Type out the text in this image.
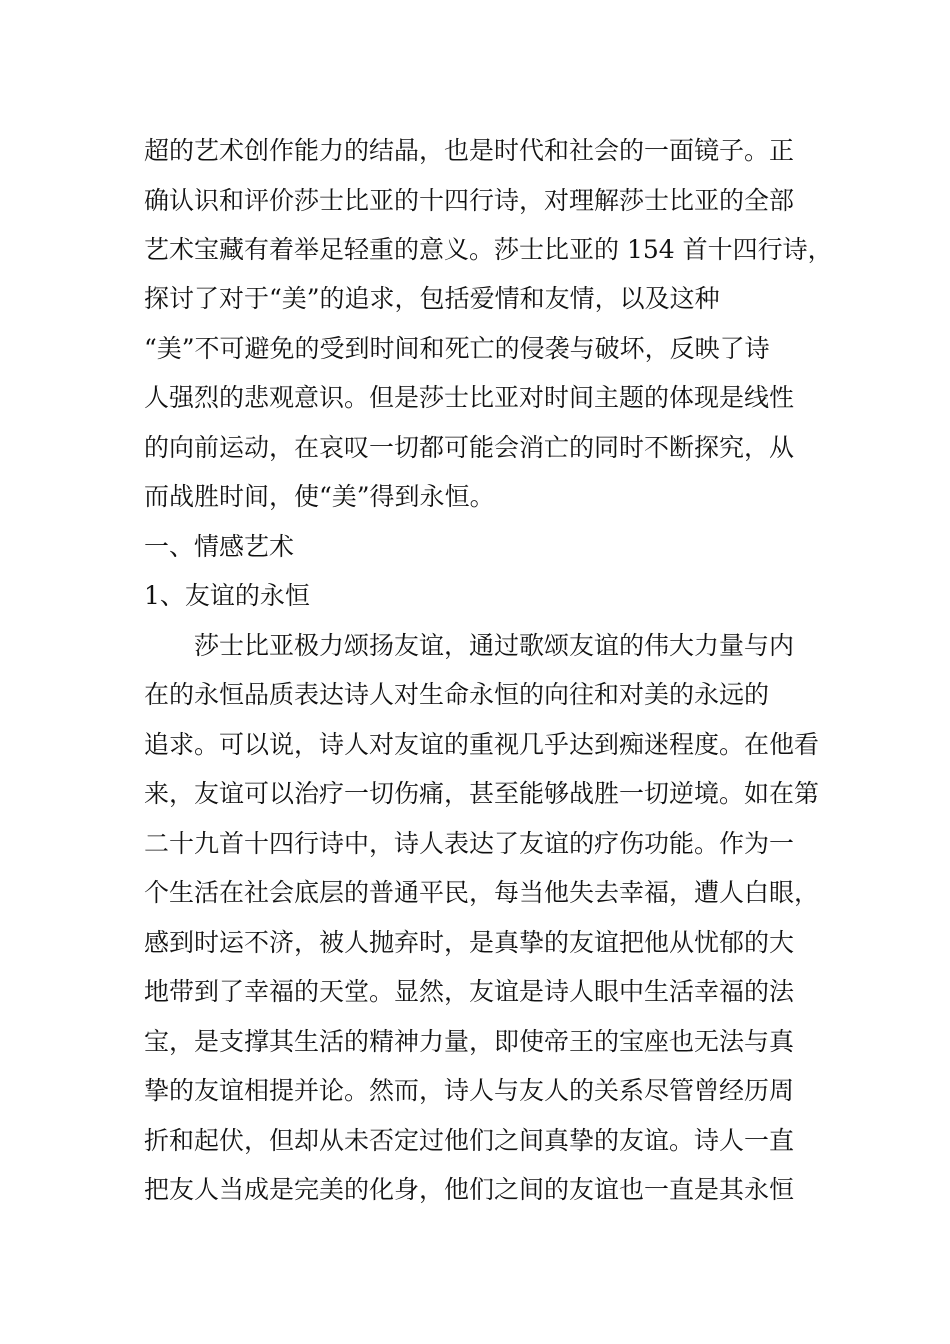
超的艺术创作能力的结晶，也是时代和社会的一面镜子。正
确认识和评价莎士比亚的十四行诗，对理解莎士比亚的全部
艺术宝藏有着举足轻重的意义。莎士比亚的 154 首十四行诗，
探讨了对于“美”的追求，包括爱情和友情，以及这种
“美”不可避免的受到时间和死亡的侵袭与破坏，反映了诗
人强烈的悲观意识。但是莎士比亚对时间主题的体现是线性
的向前运动，在哀叹一切都可能会消亡的同时不断探究，从
而战胜时间，使“美”得到永恒。
一、情感艺术
1、友谊的永恒
莎士比亚极力颂扬友谊，通过歌颂友谊的伟大力量与内
在的永恒品质表达诗人对生命永恒的向往和对美的永远的
追求。可以说，诗人对友谊的重视几乎达到痴迷程度。在他看
来，友谊可以治疗一切伤痛，甚至能够战胜一切逆境。如在第
二十九首十四行诗中，诗人表达了友谊的疗伤功能。作为一
个生活在社会底层的普通平民，每当他失去幸福，遭人白眼，
感到时运不济，被人抛弃时，是真挚的友谊把他从忧郁的大
地带到了幸福的天堂。显然，友谊是诗人眼中生活幸福的法
宝，是支撑其生活的精神力量，即使帝王的宝座也无法与真
挚的友谊相提并论。然而，诗人与友人的关系尽管曾经历周
折和起伏，但却从未否定过他们之间真挚的友谊。诗人一直
把友人当成是完美的化身，他们之间的友谊也一直是其永恒
